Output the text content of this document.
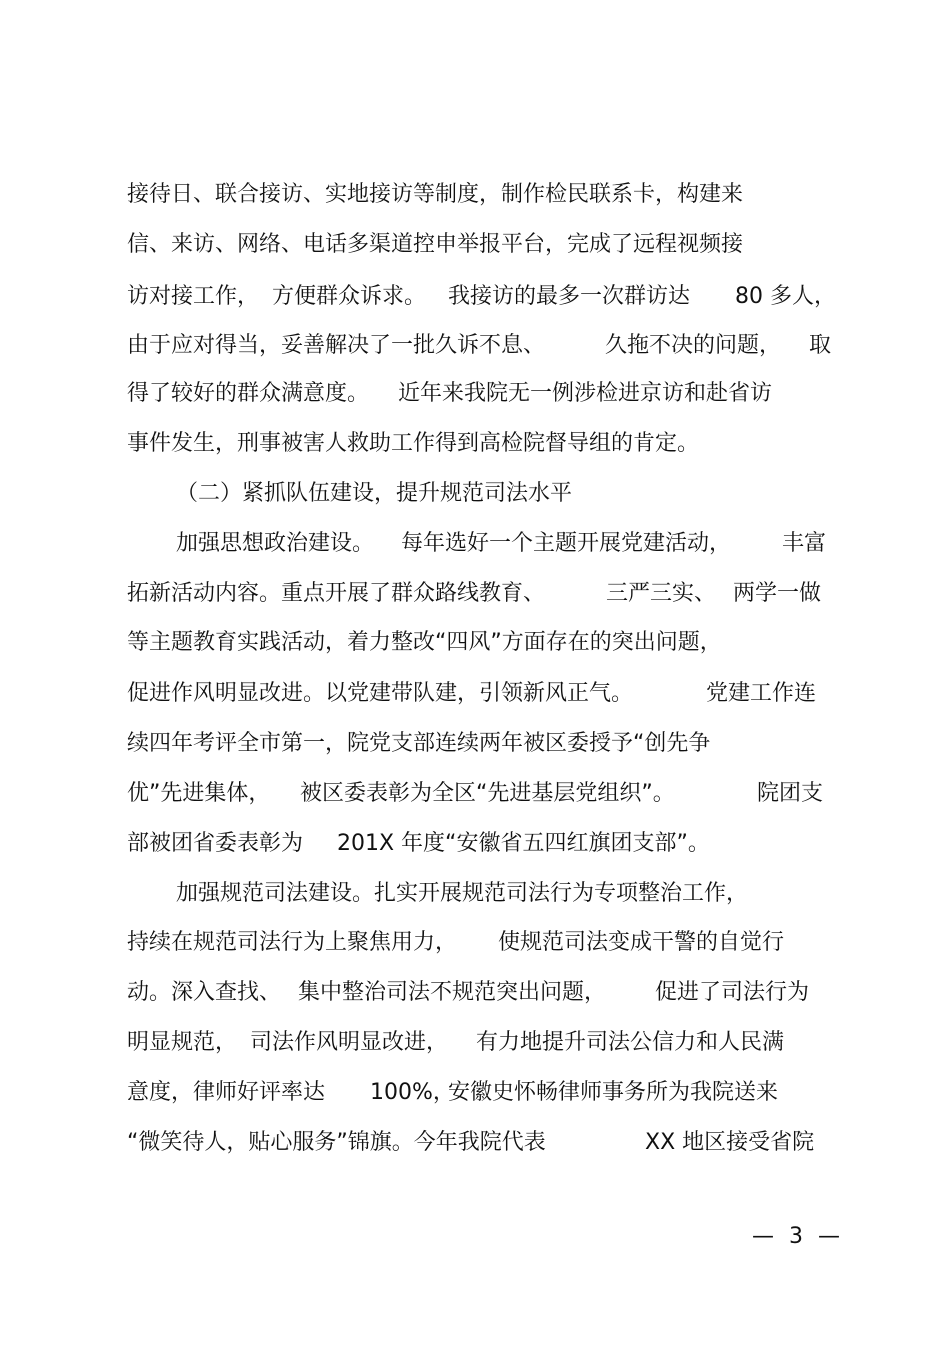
接待日、联合接访、实地接访等制度，制作检民联系卡，构建来

信、来访、网络、电话多渠道控申举报平台，完成了远程视频接

访对接工作，

方便群众诉求。

我接访的最多一次群访达

80 多人，

由于应对得当，妥善解决了一批久诉不息、

	久拖不决的问题，

取

得了较好的群众满意度。

近年来我院无一例涉检进京访和赴省访

事件发生，刑事被害人救助工作得到高检院督导组的肯定。

（二）紧抓队伍建设，提升规范司法水平

加强思想政治建设。

每年选好一个主题开展党建活动，

丰富

拓新活动内容。重点开展了群众路线教育、

	三严三实、

两学一做

等主题教育实践活动，着力整改“四风”方面存在的突出问题，

促进作风明显改进。以党建带队建，引领新风正气。

	党建工作连

续四年考评全市第一，院党支部连续两年被区委授予“创先争

优”先进集体，

被区委表彰为全区“先进基层党组织”。

	院团支

部被团省委表彰为

201X 年度“安徽省五四红旗团支部”。

加强规范司法建设。扎实开展规范司法行为专项整治工作，

持续在规范司法行为上聚焦用力，

使规范司法变成干警的自觉行

动。深入查找、

集中整治司法不规范突出问题，

促进了司法行为

明显规范，

司法作风明显改进，

有力地提升司法公信力和人民满

意度，律师好评率达

100%，

安徽史怀畅律师事务所为我院送来

“微笑待人，贴心服务”锦旗。今年我院代表

	XX 地区接受省院

— 3 —
